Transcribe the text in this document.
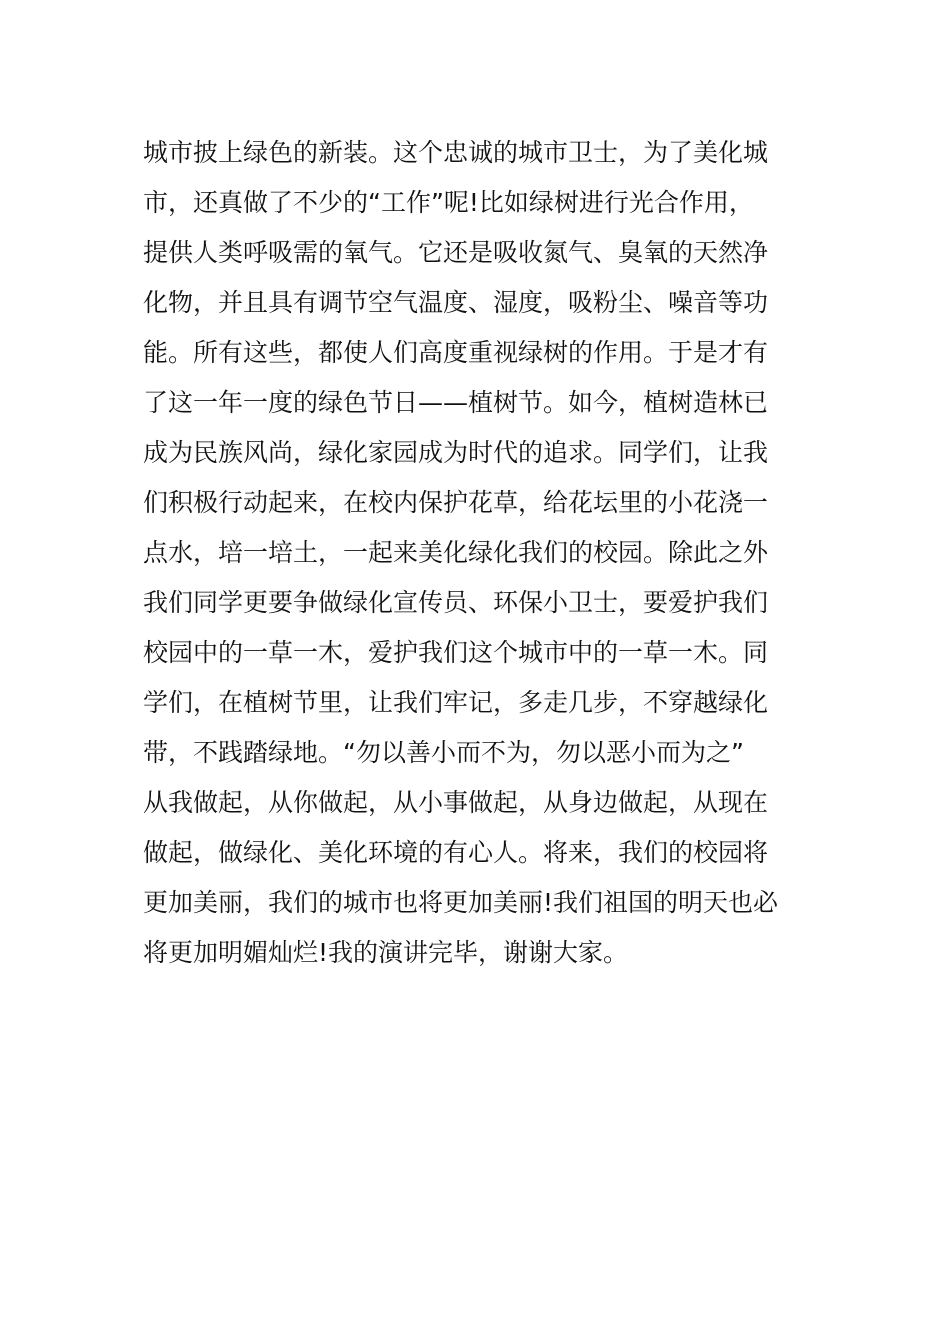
城市披上绿色的新装。这个忠诚的城市卫士，为了美化城
市，还真做了不少的“工作”呢!比如绿树进行光合作用，
提供人类呼吸需的氧气。它还是吸收氮气、臭氧的天然净
化物，并且具有调节空气温度、湿度，吸粉尘、噪音等功
能。所有这些，都使人们高度重视绿树的作用。于是才有
了这一年一度的绿色节日——植树节。如今，植树造林已
成为民族风尚，绿化家园成为时代的追求。同学们，让我
们积极行动起来，在校内保护花草，给花坛里的小花浇一
点水，培一培土，一起来美化绿化我们的校园。除此之外
我们同学更要争做绿化宣传员、环保小卫士，要爱护我们
校园中的一草一木，爱护我们这个城市中的一草一木。同
学们，在植树节里，让我们牢记，多走几步，不穿越绿化
带，不践踏绿地。“勿以善小而不为，勿以恶小而为之”
从我做起，从你做起，从小事做起，从身边做起，从现在
做起，做绿化、美化环境的有心人。将来，我们的校园将
更加美丽，我们的城市也将更加美丽!我们祖国的明天也必
将更加明媚灿烂!我的演讲完毕，谢谢大家。
